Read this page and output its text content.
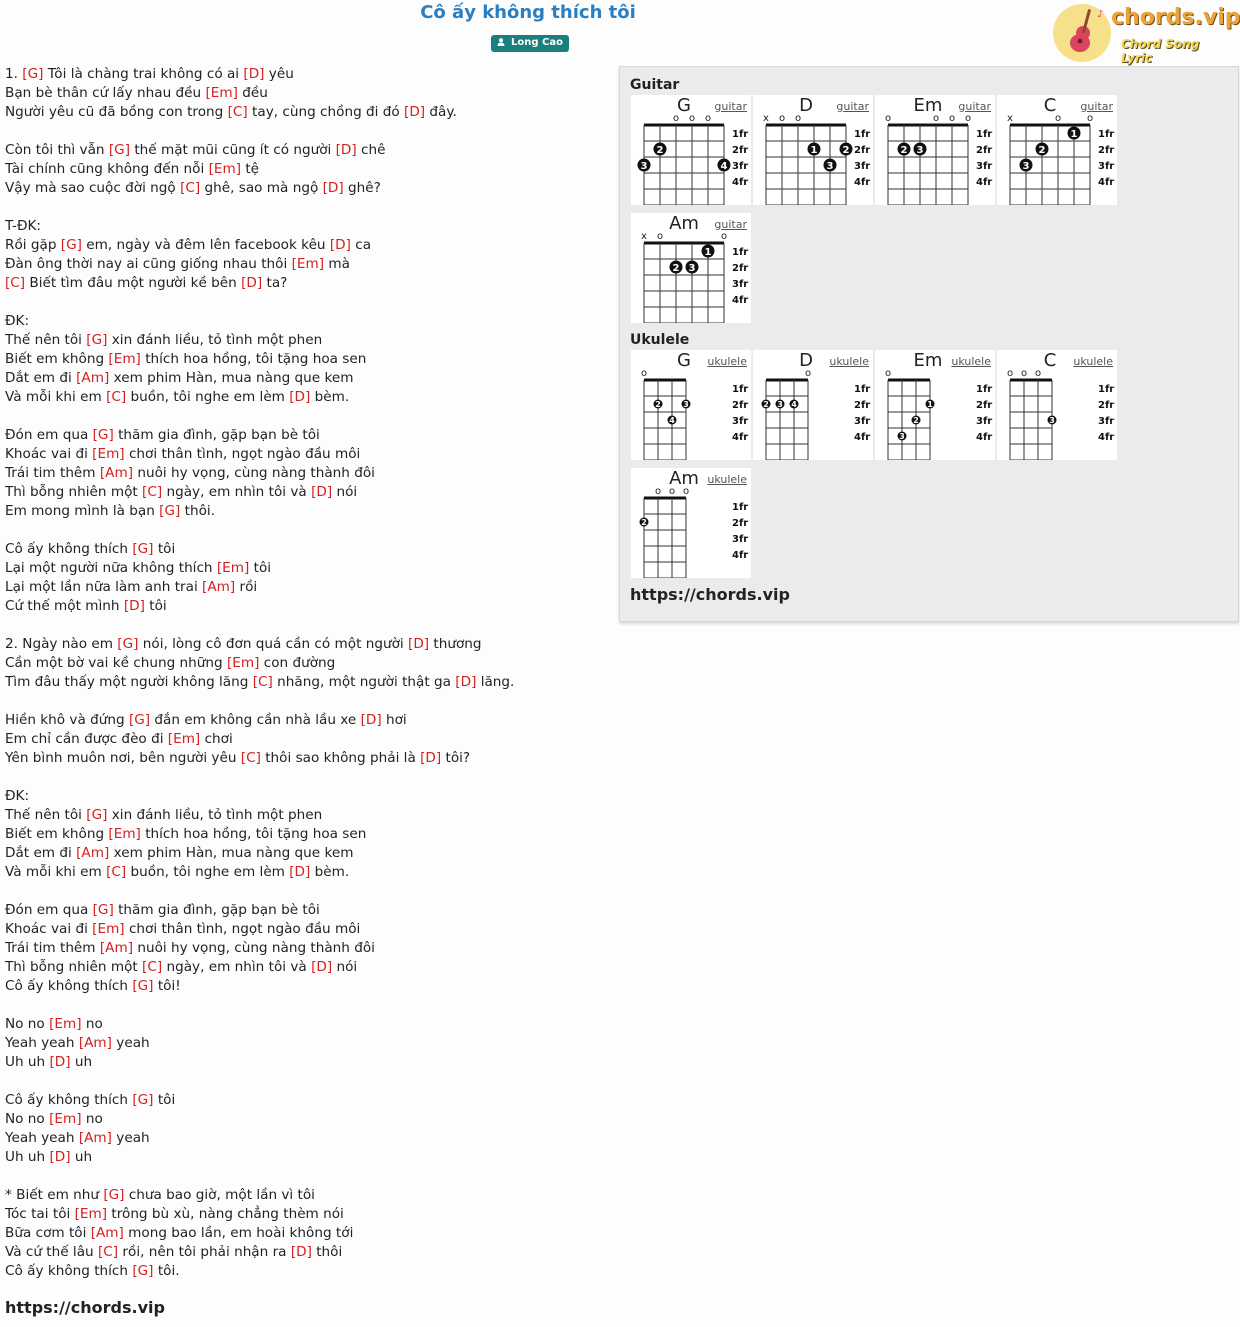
Cô ấy không thích tôi
Long Cao
♪ chords.vip
Chord Song Lyric
1. [G] Tôi là chàng trai không có ai [D] yêu
Bạn bè thân cứ lấy nhau đều [Em] đều
Người yêu cũ đã bồng con trong [C] tay, cùng chồng đi đó [D] đây.
Còn tôi thì vẫn [G] thế mặt mũi cũng ít có người [D] chê
Tài chính cũng không đến nỗi [Em] tệ
Vậy mà sao cuộc đời ngộ [C] ghê, sao mà ngộ [D] ghê?
T-ĐK:
Rồi gặp [G] em, ngày và đêm lên facebook kêu [D] ca
Đàn ông thời nay ai cũng giống nhau thôi [Em] mà
[C] Biết tìm đâu một người kề bên [D] ta?
ĐK:
Thế nên tôi [G] xin đánh liều, tỏ tình một phen
Biết em không [Em] thích hoa hồng, tôi tặng hoa sen
Dắt em đi [Am] xem phim Hàn, mua nàng que kem
Và mỗi khi em [C] buồn, tôi nghe em lèm [D] bèm.
Đón em qua [G] thăm gia đình, gặp bạn bè tôi
Khoác vai đi [Em] chơi thân tình, ngọt ngào đầu môi
Trái tim thêm [Am] nuôi hy vọng, cùng nàng thành đôi
Thì bỗng nhiên một [C] ngày, em nhìn tôi và [D] nói
Em mong mình là bạn [G] thôi.
Cô ấy không thích [G] tôi
Lại một người nữa không thích [Em] tôi
Lại một lần nữa làm anh trai [Am] rồi
Cứ thế một mình [D] tôi
2. Ngày nào em [G] nói, lòng cô đơn quá cần có một người [D] thương
Cần một bờ vai kề chung những [Em] con đường
Tìm đâu thấy một người không lăng [C] nhăng, một người thật ga [D] lăng.
Hiền khô và đứng [G] đắn em không cần nhà lầu xe [D] hơi
Em chỉ cần được đèo đi [Em] chơi
Yên bình muôn nơi, bên người yêu [C] thôi sao không phải là [D] tôi?
ĐK:
Thế nên tôi [G] xin đánh liều, tỏ tình một phen
Biết em không [Em] thích hoa hồng, tôi tặng hoa sen
Dắt em đi [Am] xem phim Hàn, mua nàng que kem
Và mỗi khi em [C] buồn, tôi nghe em lèm [D] bèm.
Đón em qua [G] thăm gia đình, gặp bạn bè tôi
Khoác vai đi [Em] chơi thân tình, ngọt ngào đầu môi
Trái tim thêm [Am] nuôi hy vọng, cùng nàng thành đôi
Thì bỗng nhiên một [C] ngày, em nhìn tôi và [D] nói
Cô ấy không thích [G] tôi!
No no [Em] no
Yeah yeah [Am] yeah
Uh uh [D] uh
Cô ấy không thích [G] tôi
No no [Em] no
Yeah yeah [Am] yeah
Uh uh [D] uh
* Biết em như [G] chưa bao giờ, một lần vì tôi
Tóc tai tôi [Em] trông bù xù, nàng chẳng thèm nói
Bữa cơm tôi [Am] mong bao lần, em hoài không tới
Và cứ thế lâu [C] rồi, nên tôi phải nhận ra [D] thôi
Cô ấy không thích [G] tôi.
https://chords.vip
Guitar
Ukulele
https://chords.vip
G	guitar
o o o
1fr
2fr
3fr
4fr
3
2
4
D	guitar
x o o
1fr
2fr
3fr
4fr
1
3
2
Em	guitar
o	o o o
1fr
2fr
3fr
4fr
2 3
C	guitar
x	o	o
1fr
2fr
3fr
4fr
3
2
1
Am	guitar
x o	o
1fr
2fr
3fr
4fr
2 3
1
G	ukulele
o
1fr
2fr
3fr
4fr
2
4
3
D	ukulele
o
1fr
2fr
3fr
4fr
2 3 4
Em ukulele
o
1fr
2fr
3fr
4fr
3
2
1
C	ukulele
o o o
1fr
2fr
3fr
4fr
3
Am ukulele
o o o
1fr
2fr
3fr
4fr
2
